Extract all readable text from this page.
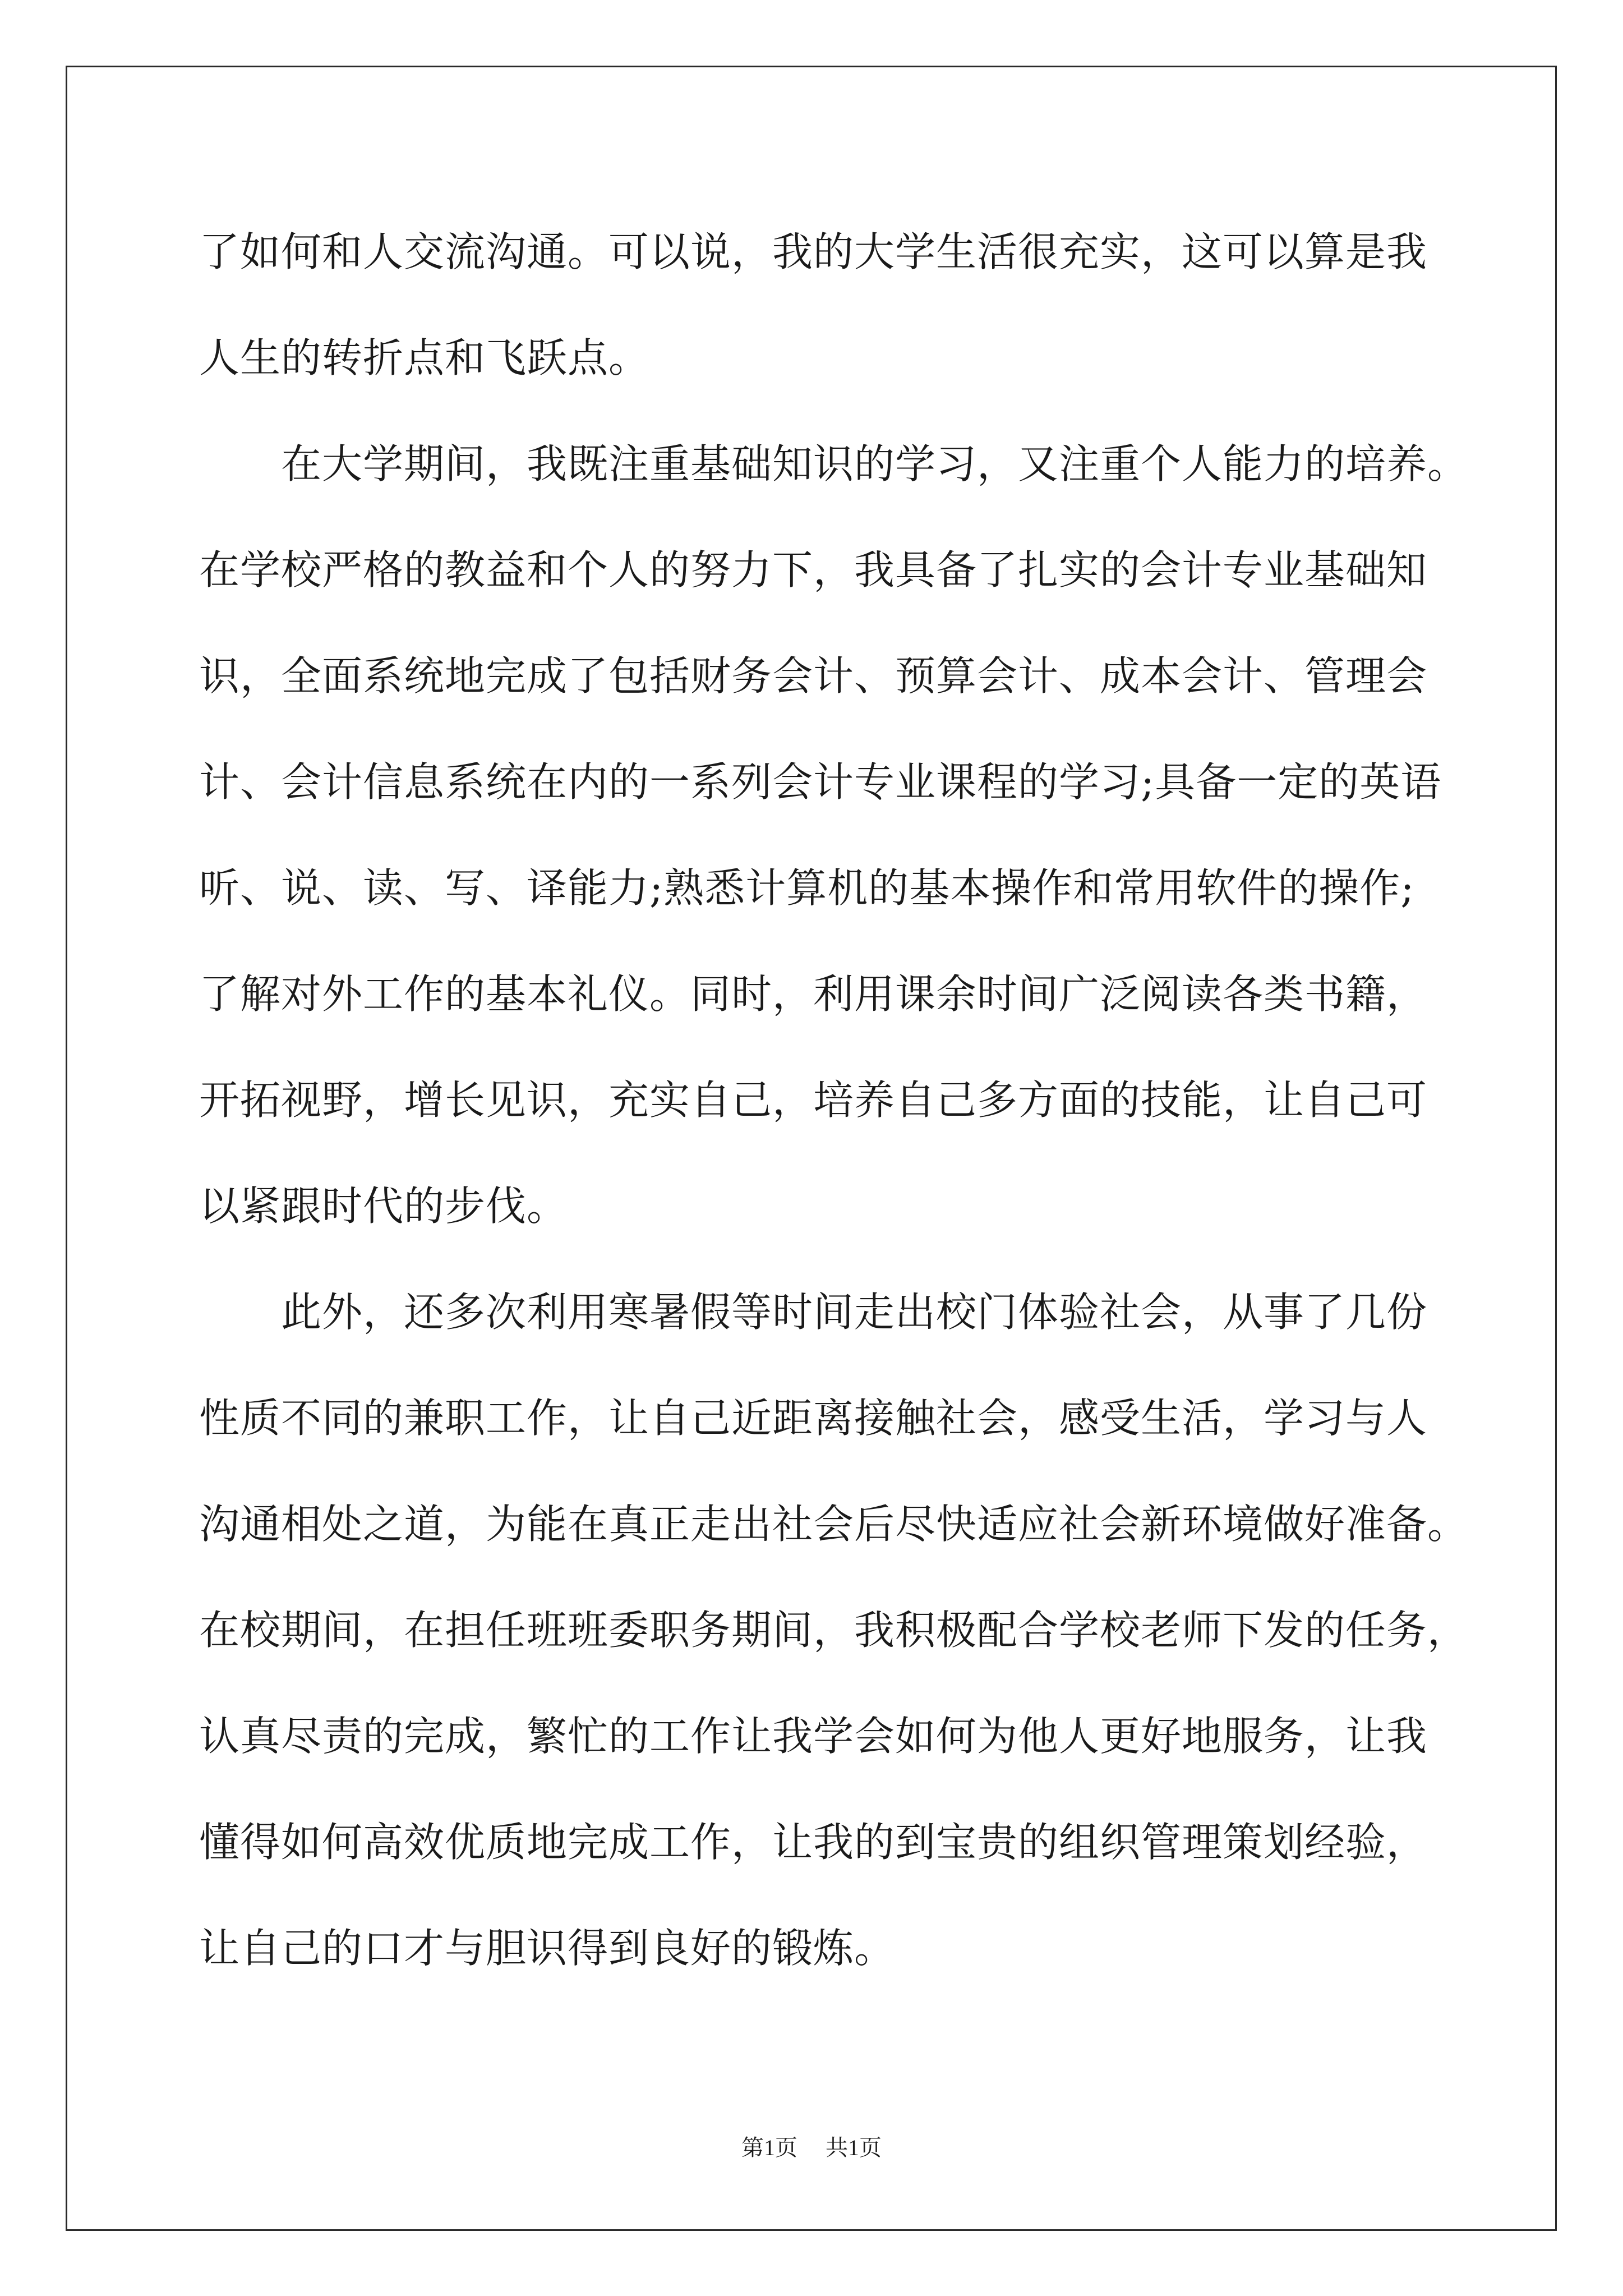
了如何和人交流沟通。可以说，我的大学生活很充实，这可以算是我
人生的转折点和飞跃点。
在大学期间，我既注重基础知识的学习，又注重个人能力的培养。
在学校严格的教益和个人的努力下，我具备了扎实的会计专业基础知
识，全面系统地完成了包括财务会计、预算会计、成本会计、管理会
计、会计信息系统在内的一系列会计专业课程的学习;具备一定的英语
听、说、读、写、译能力;熟悉计算机的基本操作和常用软件的操作;
了解对外工作的基本礼仪。同时，利用课余时间广泛阅读各类书籍，
开拓视野，增长见识，充实自己，培养自己多方面的技能，让自己可
以紧跟时代的步伐。
此外，还多次利用寒暑假等时间走出校门体验社会，从事了几份
性质不同的兼职工作，让自己近距离接触社会，感受生活，学习与人
沟通相处之道，为能在真正走出社会后尽快适应社会新环境做好准备。
在校期间，在担任班班委职务期间，我积极配合学校老师下发的任务，
认真尽责的完成，繁忙的工作让我学会如何为他人更好地服务，让我
懂得如何高效优质地完成工作，让我的到宝贵的组织管理策划经验，
让自己的口才与胆识得到良好的锻炼。
第1页 共1页
